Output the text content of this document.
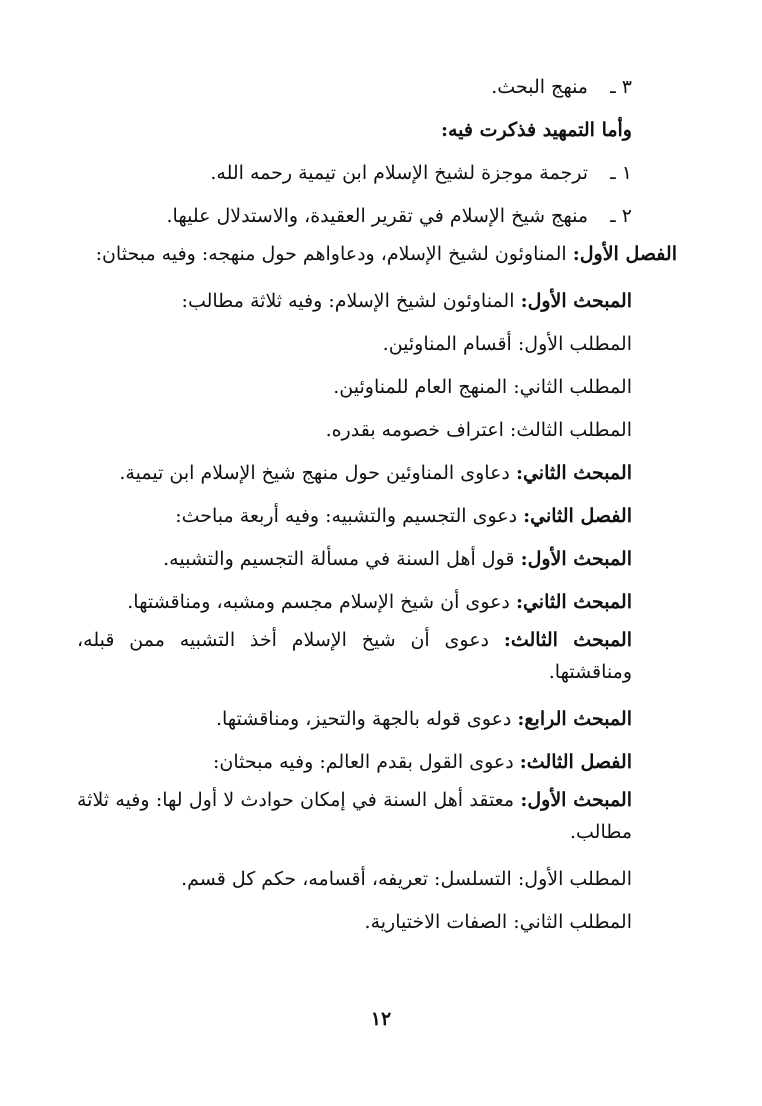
٣ ـمنهج البحث.
وأما التمهيد فذكرت فيه:
١ ـترجمة موجزة لشيخ الإسلام ابن تيمية رحمه الله.
٢ ـمنهج شيخ الإسلام في تقرير العقيدة، والاستدلال عليها.
الفصل الأول: المناوئون لشيخ الإسلام، ودعاواهم حول منهجه: وفيه مبحثان:
المبحث الأول: المناوئون لشيخ الإسلام: وفيه ثلاثة مطالب:
المطلب الأول: أقسام المناوئين.
المطلب الثاني: المنهج العام للمناوئين.
المطلب الثالث: اعتراف خصومه بقدره.
المبحث الثاني: دعاوى المناوئين حول منهج شيخ الإسلام ابن تيمية.
الفصل الثاني: دعوى التجسيم والتشبيه: وفيه أربعة مباحث:
المبحث الأول: قول أهل السنة في مسألة التجسيم والتشبيه.
المبحث الثاني: دعوى أن شيخ الإسلام مجسم ومشبه، ومناقشتها.
المبحث الثالث: دعوى أن شيخ الإسلام أخذ التشبيه ممن قبله، ومناقشتها.
المبحث الرابع: دعوى قوله بالجهة والتحيز، ومناقشتها.
الفصل الثالث: دعوى القول بقدم العالم: وفيه مبحثان:
المبحث الأول: معتقد أهل السنة في إمكان حوادث لا أول لها: وفيه ثلاثة مطالب.
المطلب الأول: التسلسل: تعريفه، أقسامه، حكم كل قسم.
المطلب الثاني: الصفات الاختيارية.
١٢
